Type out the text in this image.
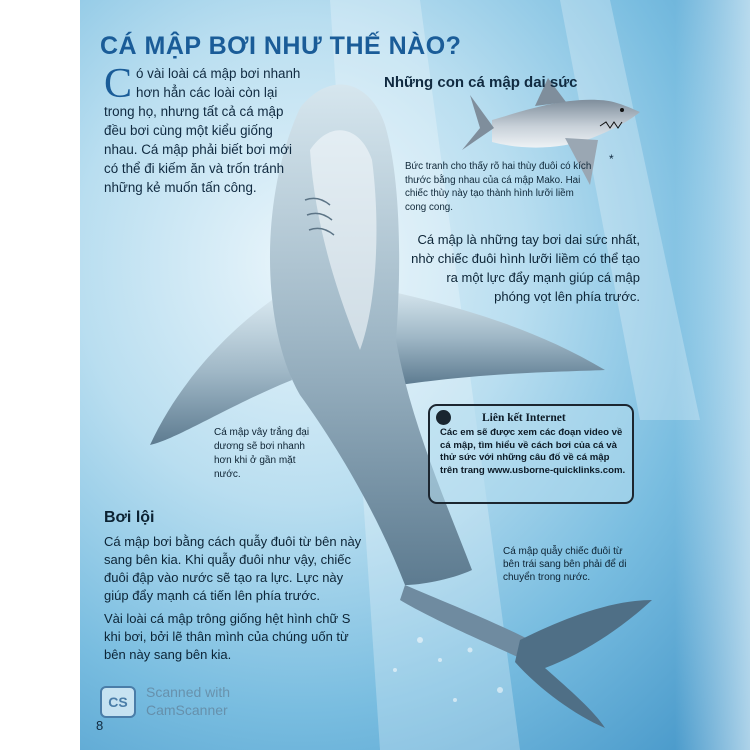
CÁ MẬP BƠI NHƯ THẾ NÀO?
Có vài loài cá mập bơi nhanh hơn hẳn các loài còn lại trong họ, nhưng tất cả cá mập đều bơi cùng một kiểu giống nhau. Cá mập phải biết bơi mới có thể đi kiếm ăn và trốn tránh những kẻ muốn tấn công.
Những con cá mập dai sức
*
Bức tranh cho thấy rõ hai thùy đuôi có kích thước bằng nhau của cá mập Mako. Hai chiếc thùy này tạo thành hình lưỡi liềm cong cong.
Cá mập là những tay bơi dai sức nhất, nhờ chiếc đuôi hình lưỡi liềm có thể tạo ra một lực đẩy mạnh giúp cá mập phóng vọt lên phía trước.
Cá mập vây trắng đại dương sẽ bơi nhanh hơn khi ở gần mặt nước.
Liên kết Internet
Các em sẽ được xem các đoạn video về cá mập, tìm hiểu về cách bơi của cá và thử sức với những câu đố về cá mập trên trang www.usborne-quicklinks.com.
Bơi lội

Cá mập bơi bằng cách quẫy đuôi từ bên này sang bên kia. Khi quẫy đuôi như vậy, chiếc đuôi đập vào nước sẽ tạo ra lực. Lực này giúp đẩy mạnh cá tiến lên phía trước.

Vài loài cá mập trông giống hệt hình chữ S khi bơi, bởi lẽ thân mình của chúng uốn từ bên này sang bên kia.

Cá mập quẫy chiếc đuôi từ bên trái sang bên phải để di chuyển trong nước.
CS
Scanned with
CamScanner
8
